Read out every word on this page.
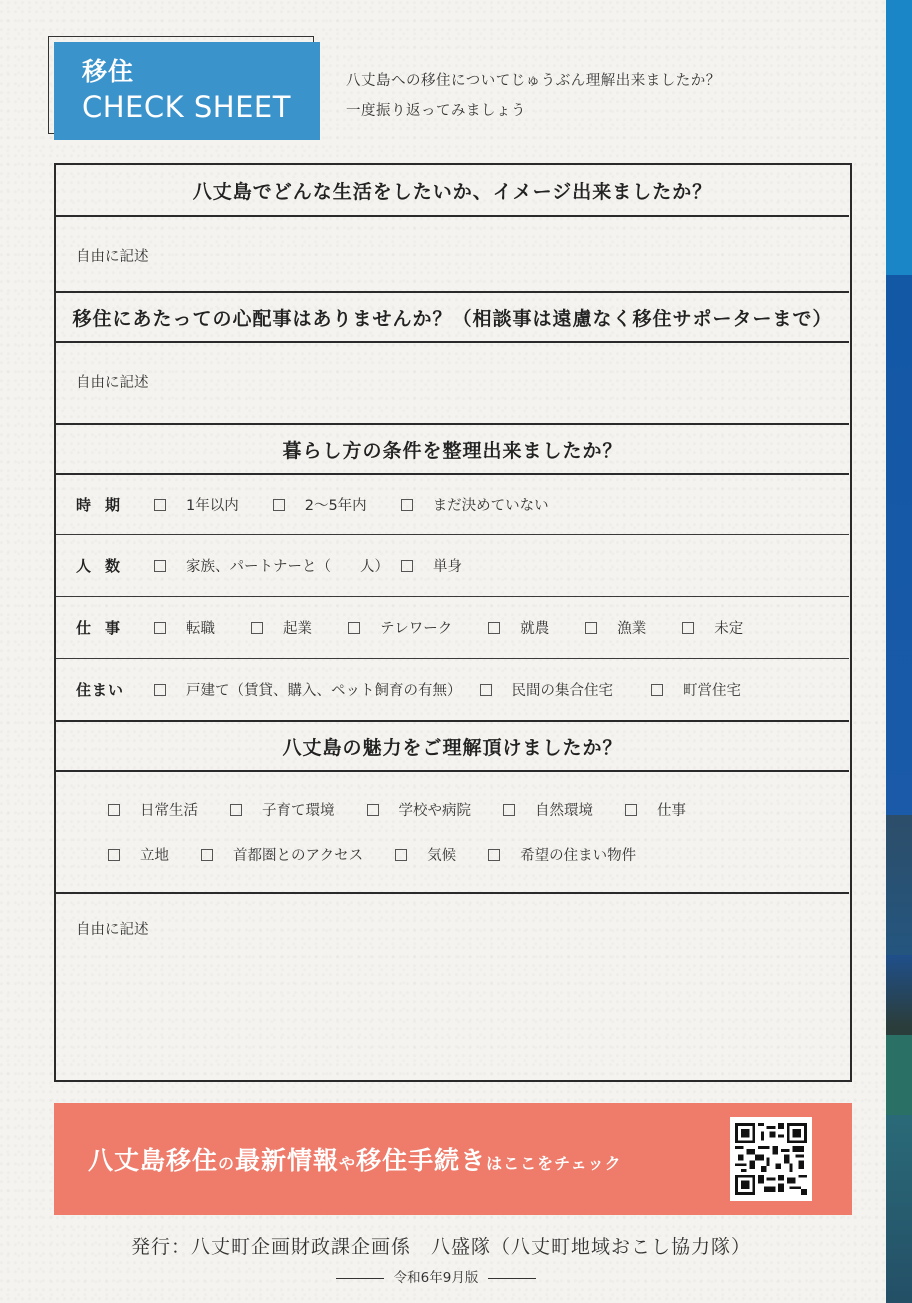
移住
CHECK SHEET
八丈島への移住についてじゅうぶん理解出来ましたか？
一度振り返ってみましょう
八丈島でどんな生活をしたいか、イメージ出来ましたか？
自由に記述
移住にあたっての心配事はありませんか？（相談事は遠慮なく移住サポーターまで）
自由に記述
暮らし方の条件を整理出来ましたか？
時期	1年以内	2〜5年内	まだ決めていない
人数	家族、パートナーと（　　人）	単身
仕事	転職	起業	テレワーク	就農	漁業	未定
住まい	戸建て（賃貸、購入、ペット飼育の有無）	民間の集合住宅	町営住宅
八丈島の魅力をご理解頂けましたか？
日常生活	子育て環境	学校や病院	自然環境	仕事
立地	首都圏とのアクセス	気候	希望の住まい物件
自由に記述
八丈島移住の最新情報や移住手続きはここをチェック
発行：八丈町企画財政課企画係　八盛隊（八丈町地域おこし協力隊）
令和6年9月版
